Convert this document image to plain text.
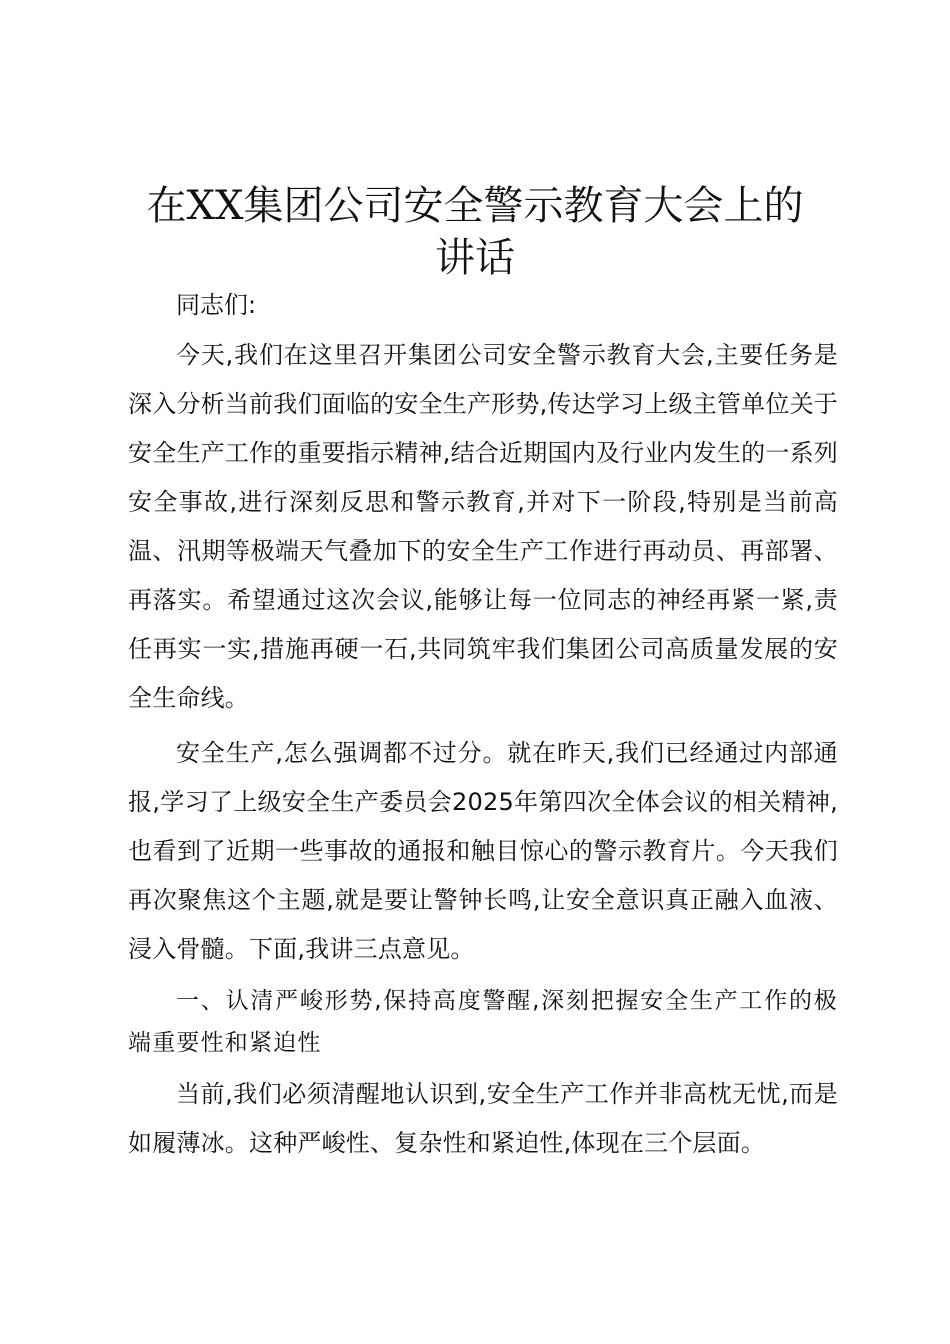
在XX集团公司安全警示教育大会上的
讲话
同志们:

今天,我们在这里召开集团公司安全警示教育大会,主要任务是深入分析当前我们面临的安全生产形势,传达学习上级主管单位关于安全生产工作的重要指示精神,结合近期国内及行业内发生的一系列安全事故,进行深刻反思和警示教育,并对下一阶段,特别是当前高温、汛期等极端天气叠加下的安全生产工作进行再动员、再部署、再落实。希望通过这次会议,能够让每一位同志的神经再紧一紧,责任再实一实,措施再硬一石,共同筑牢我们集团公司高质量发展的安全生命线。

安全生产,怎么强调都不过分。就在昨天,我们已经通过内部通报,学习了上级安全生产委员会2025年第四次全体会议的相关精神,也看到了近期一些事故的通报和触目惊心的警示教育片。今天我们再次聚焦这个主题,就是要让警钟长鸣,让安全意识真正融入血液、浸入骨髓。下面,我讲三点意见。

一、认清严峻形势,保持高度警醒,深刻把握安全生产工作的极端重要性和紧迫性

当前,我们必须清醒地认识到,安全生产工作并非高枕无忧,而是如履薄冰。这种严峻性、复杂性和紧迫性,体现在三个层面。
